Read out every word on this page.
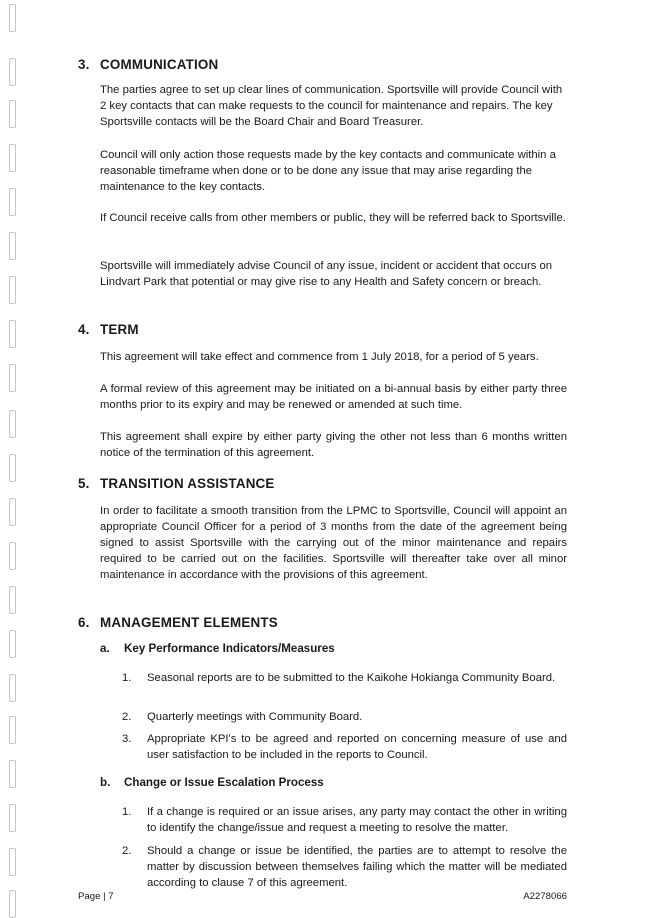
3. COMMUNICATION

The parties agree to set up clear lines of communication. Sportsville will provide Council with 2 key contacts that can make requests to the council for maintenance and repairs. The key Sportsville contacts will be the Board Chair and Board Treasurer.

Council will only action those requests made by the key contacts and communicate within a reasonable timeframe when done or to be done any issue that may arise regarding the maintenance to the key contacts.

If Council receive calls from other members or public, they will be referred back to Sportsville.

Sportsville will immediately advise Council of any issue, incident or accident that occurs on Lindvart Park that potential or may give rise to any Health and Safety concern or breach.

4. TERM

This agreement will take effect and commence from 1 July 2018, for a period of 5 years.

A formal review of this agreement may be initiated on a bi-annual basis by either party three months prior to its expiry and may be renewed or amended at such time.

This agreement shall expire by either party giving the other not less than 6 months written notice of the termination of this agreement.

5. TRANSITION ASSISTANCE

In order to facilitate a smooth transition from the LPMC to Sportsville, Council will appoint an appropriate Council Officer for a period of 3 months from the date of the agreement being signed to assist Sportsville with the carrying out of the minor maintenance and repairs required to be carried out on the facilities. Sportsville will thereafter take over all minor maintenance in accordance with the provisions of this agreement.

6. MANAGEMENT ELEMENTS
a. Key Performance Indicators/Measures
1.	Seasonal reports are to be submitted to the Kaikohe Hokianga Community Board.
2.	Quarterly meetings with Community Board.
3.	Appropriate KPI's to be agreed and reported on concerning measure of use and user satisfaction to be included in the reports to Council.
b. Change or Issue Escalation Process
1.	If a change is required or an issue arises, any party may contact the other in writing to identify the change/issue and request a meeting to resolve the matter.
2.	Should a change or issue be identified, the parties are to attempt to resolve the matter by discussion between themselves failing which the matter will be mediated according to clause 7 of this agreement.
Page | 7	A2278066
